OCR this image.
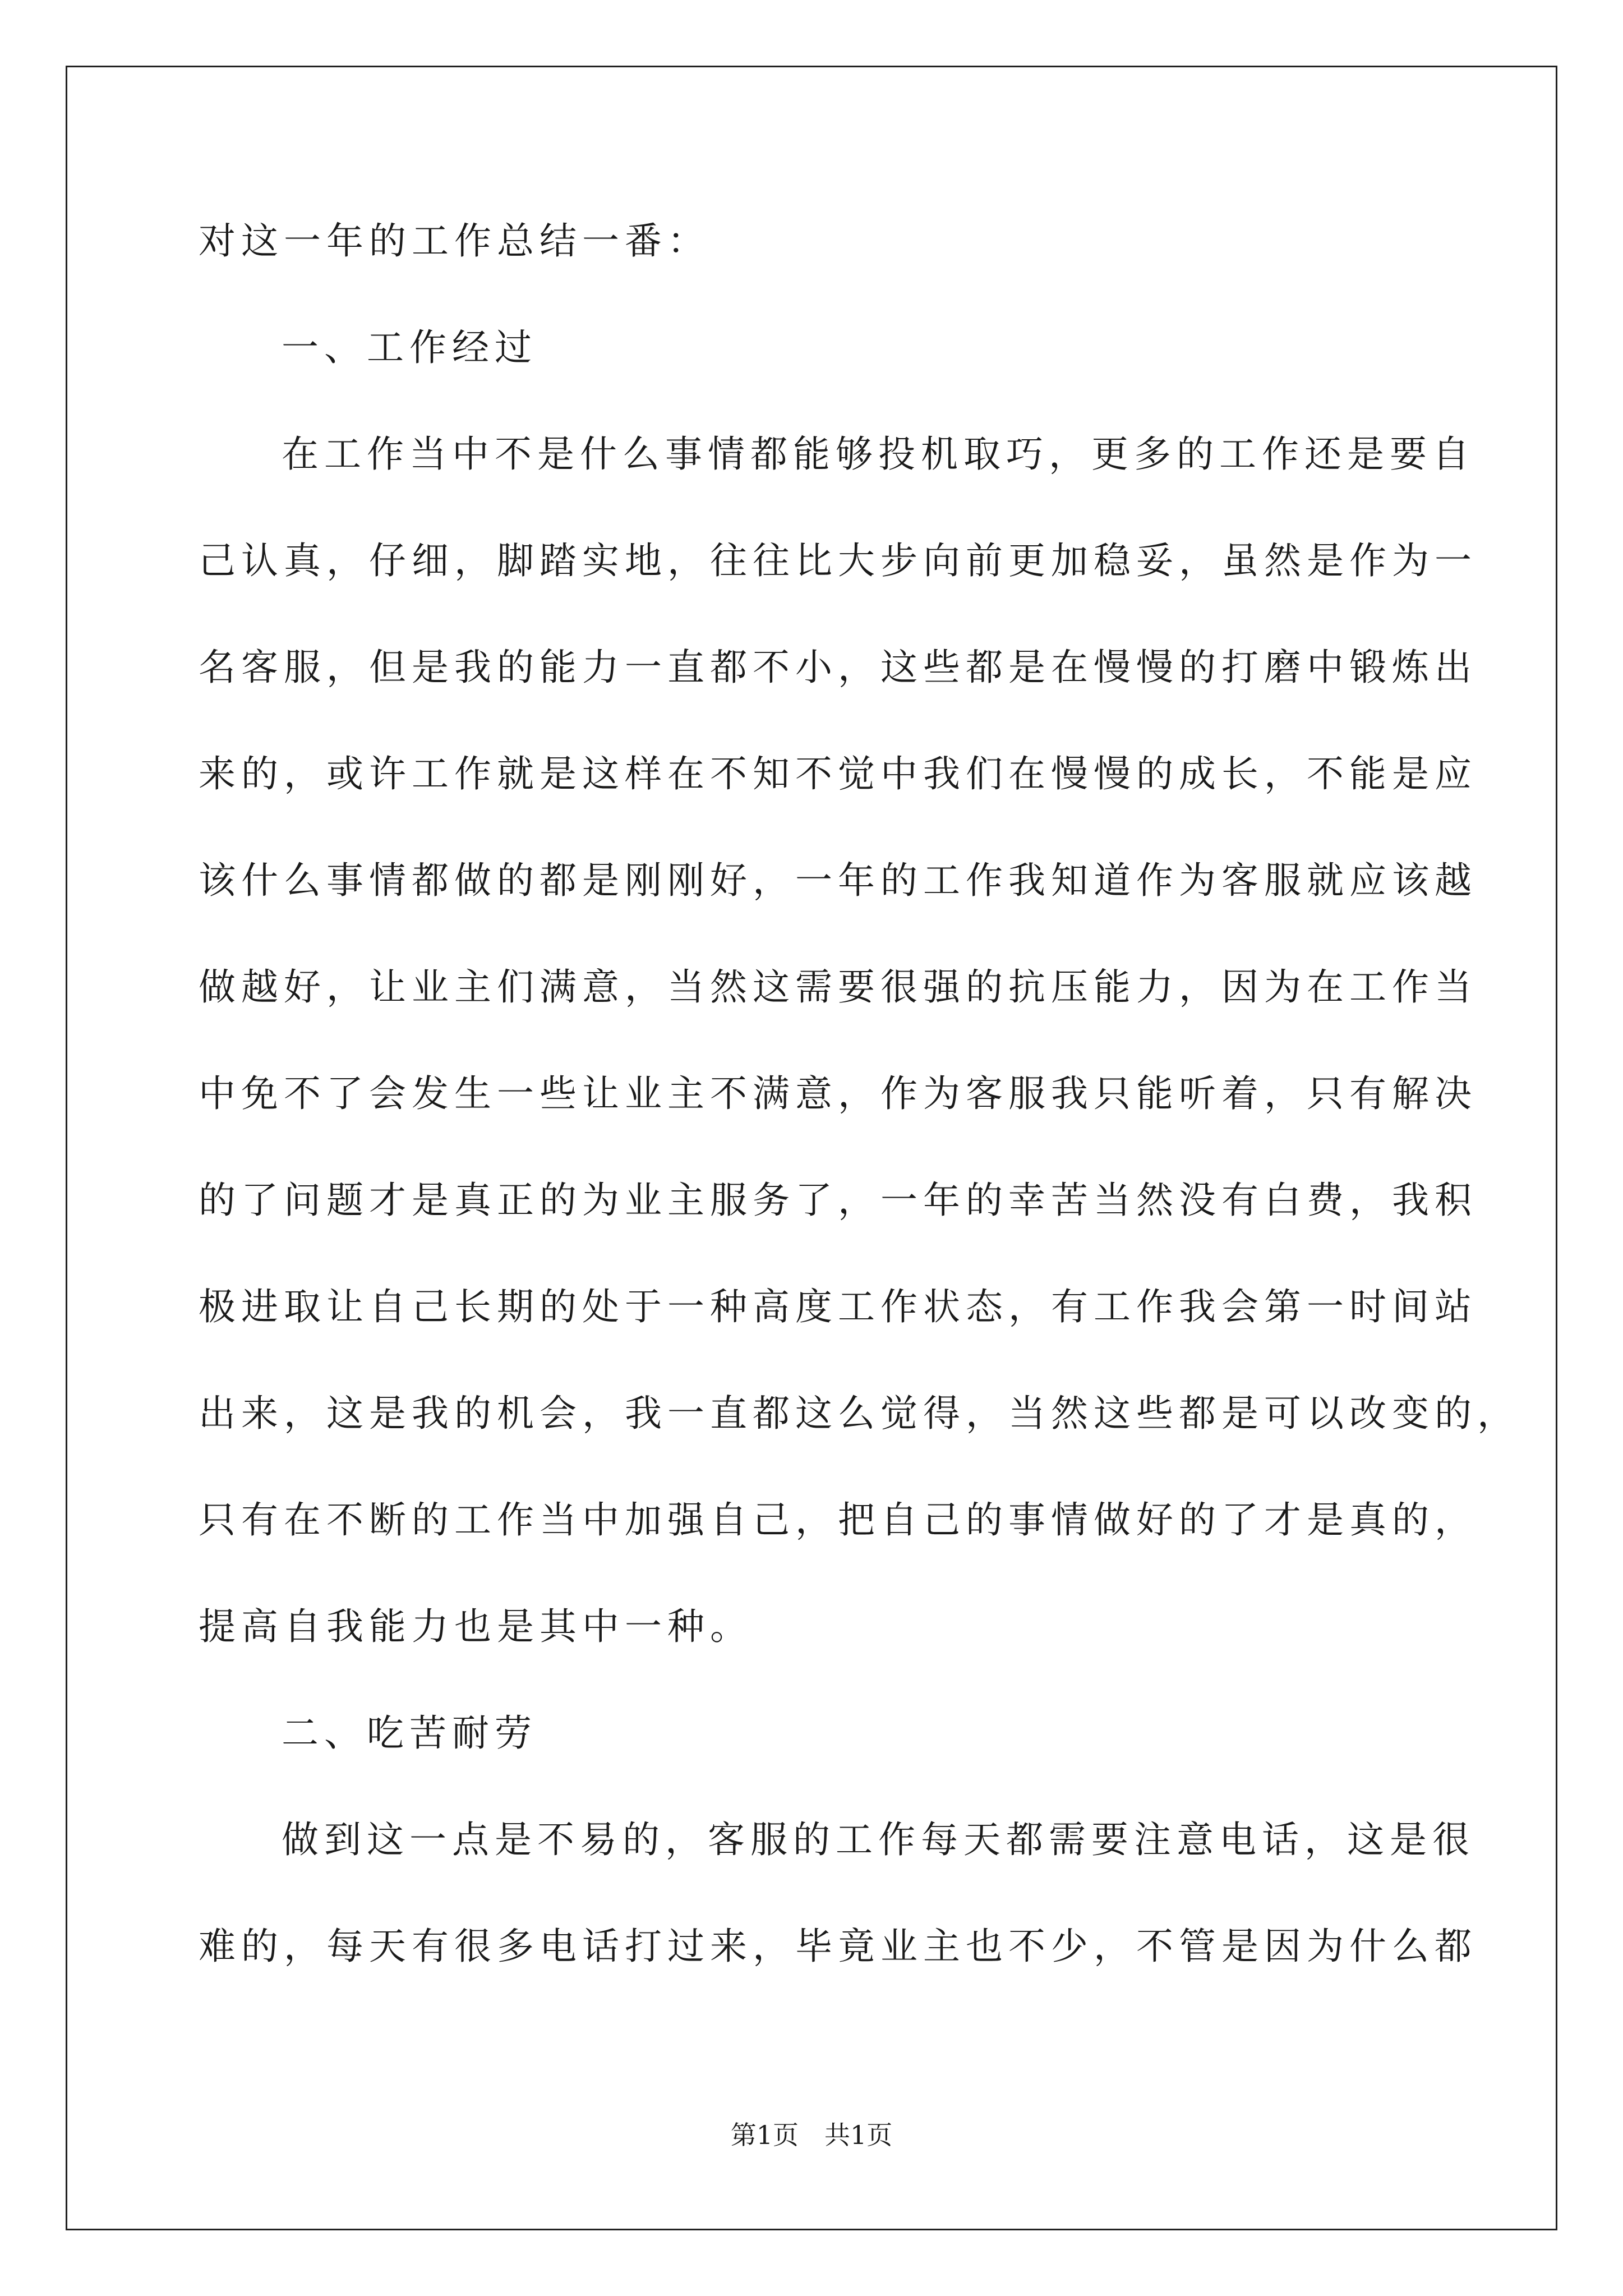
对这一年的工作总结一番：
一、工作经过
在工作当中不是什么事情都能够投机取巧，更多的工作还是要自
己认真，仔细，脚踏实地，往往比大步向前更加稳妥，虽然是作为一
名客服，但是我的能力一直都不小，这些都是在慢慢的打磨中锻炼出
来的，或许工作就是这样在不知不觉中我们在慢慢的成长，不能是应
该什么事情都做的都是刚刚好，一年的工作我知道作为客服就应该越
做越好，让业主们满意，当然这需要很强的抗压能力，因为在工作当
中免不了会发生一些让业主不满意，作为客服我只能听着，只有解决
的了问题才是真正的为业主服务了，一年的幸苦当然没有白费，我积
极进取让自己长期的处于一种高度工作状态，有工作我会第一时间站
出来，这是我的机会，我一直都这么觉得，当然这些都是可以改变的，
只有在不断的工作当中加强自己，把自己的事情做好的了才是真的，
提高自我能力也是其中一种。
二、吃苦耐劳
做到这一点是不易的，客服的工作每天都需要注意电话，这是很
难的，每天有很多电话打过来，毕竟业主也不少，不管是因为什么都
第1页　共1页
